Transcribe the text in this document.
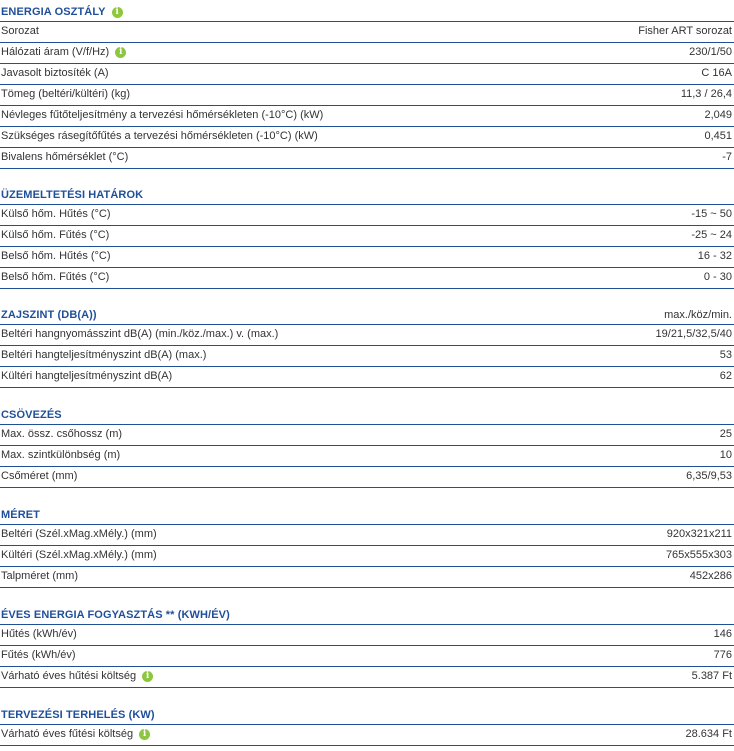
ENERGIA OSZTÁLY	i
Sorozat	Fisher ART sorozat
Hálózati áram (V/f/Hz)	i	230/1/50
Javasolt biztosíték (A)	C 16A
Tömeg (beltéri/kültéri) (kg)	11,3 / 26,4
Névleges fűtőteljesítmény a tervezési hőmérsékleten (-10°C) (kW)	2,049
Szükséges rásegítőfűtés a tervezési hőmérsékleten (-10°C) (kW)	0,451
Bivalens hőmérséklet (°C)	-7
ÜZEMELTETÉSI HATÁROK
Külső hőm. Hűtés (°C)	-15 ~ 50
Külső hőm. Fűtés (°C)	-25 ~ 24
Belső hőm. Hűtés (°C)	16 - 32
Belső hőm. Fűtés (°C)	0 - 30
ZAJSZINT (DB(A))	max./köz/min.
Beltéri hangnyomásszint dB(A) (min./köz./max.) v. (max.)	19/21,5/32,5/40
Beltéri hangteljesítményszint dB(A) (max.)	53
Kültéri hangteljesítményszint dB(A)	62
CSÖVEZÉS
Max. össz. csőhossz (m)	25
Max. szintkülönbség (m)	10
Csőméret (mm)	6,35/9,53
MÉRET
Beltéri (Szél.xMag.xMély.) (mm)	920x321x211
Kültéri (Szél.xMag.xMély.) (mm)	765x555x303
Talpméret (mm)	452x286
ÉVES ENERGIA FOGYASZTÁS ** (KWH/ÉV)
Hűtés (kWh/év)	146
Fűtés (kWh/év)	776
Várható éves hűtési költség	i	5.387 Ft
TERVEZÉSI TERHELÉS (KW)
Várható éves fűtési költség	i	28.634 Ft
